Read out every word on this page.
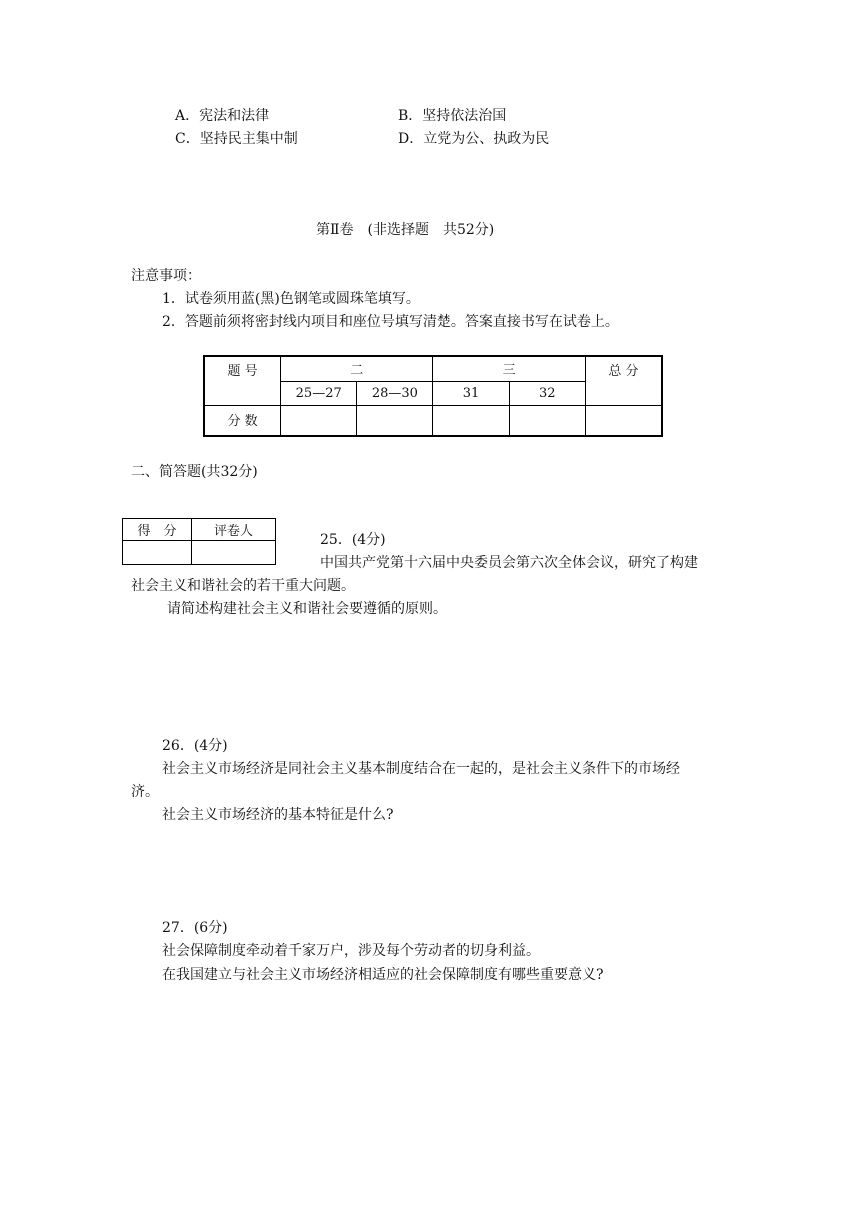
A．宪法和法律	B．坚持依法治国
C．坚持民主集中制	D．立党为公、执政为民
第Ⅱ卷　(非选择题　共52分)
注意事项：
1．试卷须用蓝(黑)色钢笔或圆珠笔填写。
2．答题前须将密封线内项目和座位号填写清楚。答案直接书写在试卷上。
题 号	二		三		总 分
	25—27	28—30	31	32	
分 数					
二、简答题(共32分)
得　分	评卷人

25．(4分)
中国共产党第十六届中央委员会第六次全体会议，研究了构建
社会主义和谐社会的若干重大问题。
请简述构建社会主义和谐社会要遵循的原则。
26．(4分)
社会主义市场经济是同社会主义基本制度结合在一起的，是社会主义条件下的市场经
济。
社会主义市场经济的基本特征是什么?
27．(6分)
社会保障制度牵动着千家万户，涉及每个劳动者的切身利益。
在我国建立与社会主义市场经济相适应的社会保障制度有哪些重要意义?
